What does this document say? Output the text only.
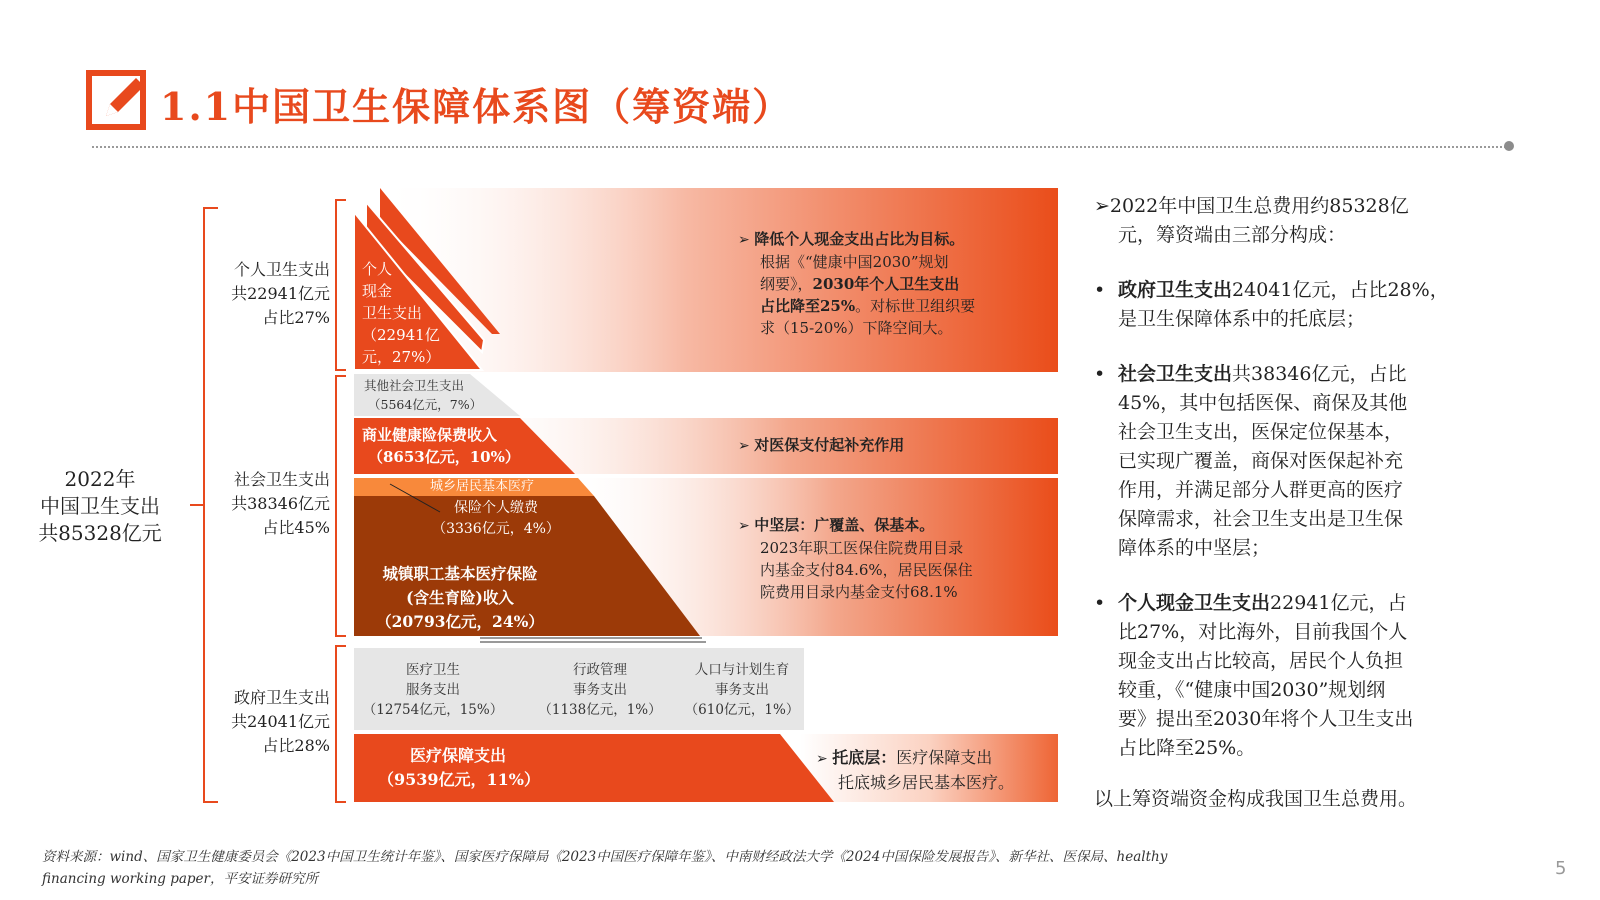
1.1中国卫生保障体系图（筹资端）
2022年
中国卫生支出
共85328亿元
个人卫生支出
共22941亿元
占比27%
社会卫生支出
共38346亿元
占比45%
政府卫生支出
共24041亿元
占比28%
个人
现金
卫生支出
（22941亿
元，27%）
其他社会卫生支出
（5564亿元，7%）
商业健康险保费收入
（8653亿元，10%）
城乡居民基本医疗
保险个人缴费
（3336亿元，4%）
城镇职工基本医疗保险
(含生育险)收入
（20793亿元，24%）
医疗卫生
服务支出
（12754亿元，15%）
行政管理
事务支出
（1138亿元，1%）
人口与计划生育
事务支出
（610亿元，1%）
医疗保障支出
（9539亿元，11%）
➢ 降低个人现金支出占比为目标。
根据《“健康中国2030”规划
纲要》，2030年个人卫生支出
占比降至25%。对标世卫组织要
求（15-20%）下降空间大。
➢ 对医保支付起补充作用
➢ 中坚层：广覆盖、保基本。
2023年职工医保住院费用目录
内基金支付84.6%，居民医保住
院费用目录内基金支付68.1%
➢ 托底层：医疗保障支出
托底城乡居民基本医疗。

➢2022年中国卫生总费用约85328亿

元，筹资端由三部分构成：

• 政府卫生支出24041亿元，占比28%，

是卫生保障体系中的托底层；

• 社会卫生支出共38346亿元，占比

45%，其中包括医保、商保及其他

社会卫生支出，医保定位保基本，

已实现广覆盖，商保对医保起补充

作用，并满足部分人群更高的医疗

保障需求，社会卫生支出是卫生保

障体系的中坚层；

• 个人现金卫生支出22941亿元，占

比27%，对比海外，目前我国个人

现金支出占比较高，居民个人负担

较重，《“健康中国2030”规划纲

要》提出至2030年将个人卫生支出

占比降至25%。

以上筹资端资金构成我国卫生总费用。

资料来源：wind、国家卫生健康委员会《2023中国卫生统计年鉴》、国家医疗保障局《2023中国医疗保障年鉴》、中南财经政法大学《2024中国保险发展报告》、新华社、医保局、healthy
financing working paper，平安证券研究所	5
